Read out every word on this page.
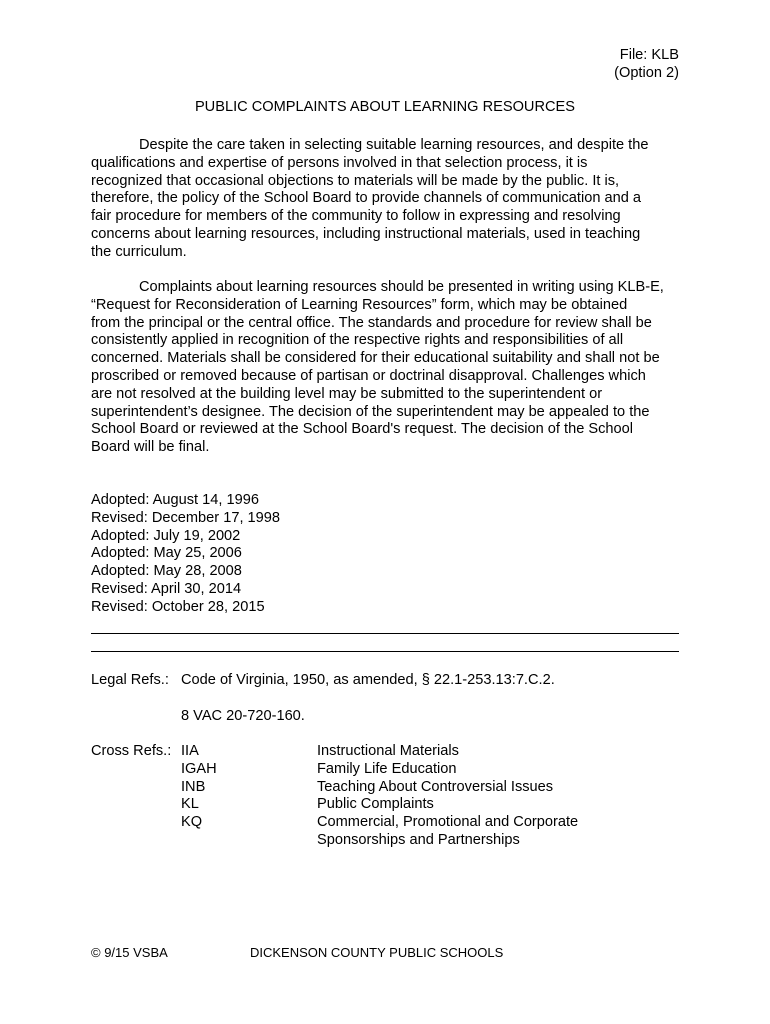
File: KLB
(Option 2)
PUBLIC COMPLAINTS ABOUT LEARNING RESOURCES
Despite the care taken in selecting suitable learning resources, and despite the
qualifications and expertise of persons involved in that selection process, it is
recognized that occasional objections to materials will be made by the public. It is,
therefore, the policy of the School Board to provide channels of communication and a
fair procedure for members of the community to follow in expressing and resolving
concerns about learning resources, including instructional materials, used in teaching
the curriculum.
Complaints about learning resources should be presented in writing using KLB-E,
“Request for Reconsideration of Learning Resources” form, which may be obtained
from the principal or the central office. The standards and procedure for review shall be
consistently applied in recognition of the respective rights and responsibilities of all
concerned. Materials shall be considered for their educational suitability and shall not be
proscribed or removed because of partisan or doctrinal disapproval. Challenges which
are not resolved at the building level may be submitted to the superintendent or
superintendent’s designee. The decision of the superintendent may be appealed to the
School Board or reviewed at the School Board's request. The decision of the School
Board will be final.
Adopted: August 14, 1996
Revised: December 17, 1998
Adopted: July 19, 2002
Adopted: May 25, 2006
Adopted: May 28, 2008
Revised: April 30, 2014
Revised: October 28, 2015
Legal Refs.: Code of Virginia, 1950, as amended, § 22.1-253.13:7.C.2.
8 VAC 20-720-160.
Cross Refs.: IIA
IGAH
INB
KL
KQ
Instructional Materials
Family Life Education
Teaching About Controversial Issues
Public Complaints
Commercial, Promotional and Corporate
Sponsorships and Partnerships
© 9/15 VSBA	DICKENSON COUNTY PUBLIC SCHOOLS
